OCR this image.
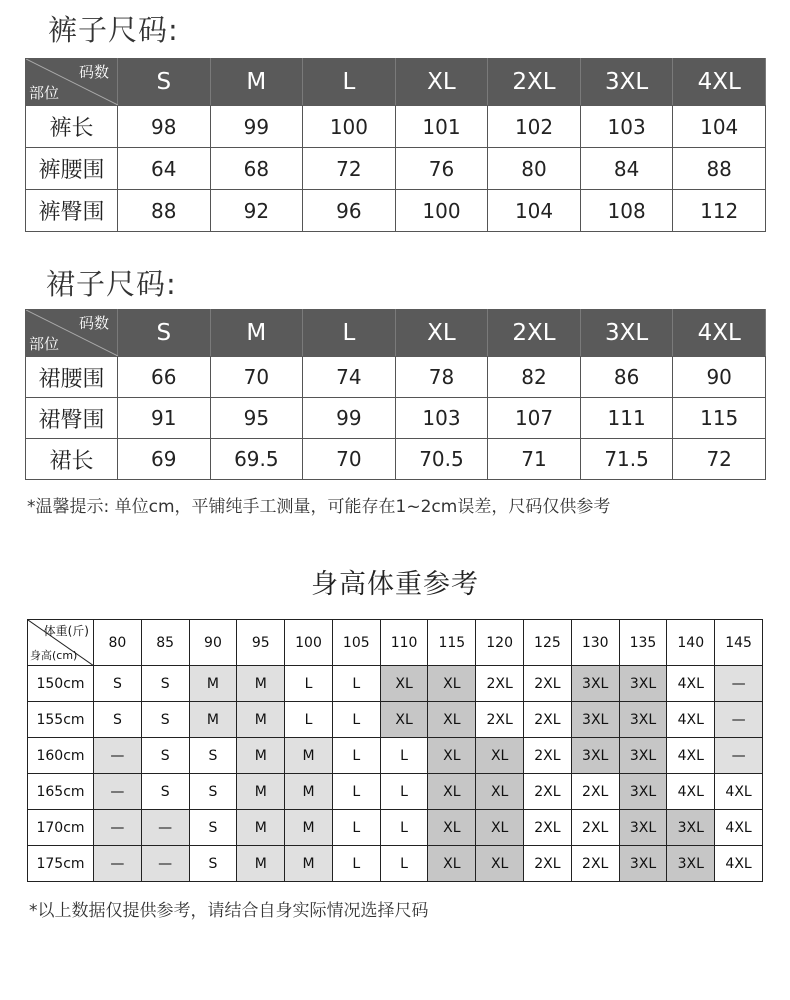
裤子尺码:
码数
部位	S	M	L	XL	2XL	3XL	4XL
裤长	98	99	100	101	102	103	104
裤腰围	64	68	72	76	80	84	88
裤臀围	88	92	96	100	104	108	112
裙子尺码:
码数
部位	S	M	L	XL	2XL	3XL	4XL
裙腰围	66	70	74	78	82	86	90
裙臀围	91	95	99	103	107	111	115
裙长	69	69.5	70	70.5	71	71.5	72
*温馨提示: 单位cm，平铺纯手工测量，可能存在1~2cm误差，尺码仅供参考
身高体重参考
体重(斤)
身高(cm)	80	85	90	95	100	105	110	115	120	125	130	135	140	145
150cm	S	S	M	M	L	L	XL	XL	2XL	2XL	3XL	3XL	4XL	—
155cm	S	S	M	M	L	L	XL	XL	2XL	2XL	3XL	3XL	4XL	—
160cm	—	S	S	M	M	L	L	XL	XL	2XL	3XL	3XL	4XL	—
165cm	—	S	S	M	M	L	L	XL	XL	2XL	2XL	3XL	4XL	4XL
170cm	—	—	S	M	M	L	L	XL	XL	2XL	2XL	3XL	3XL	4XL
175cm	—	—	S	M	M	L	L	XL	XL	2XL	2XL	3XL	3XL	4XL
*以上数据仅提供参考，请结合自身实际情况选择尺码
